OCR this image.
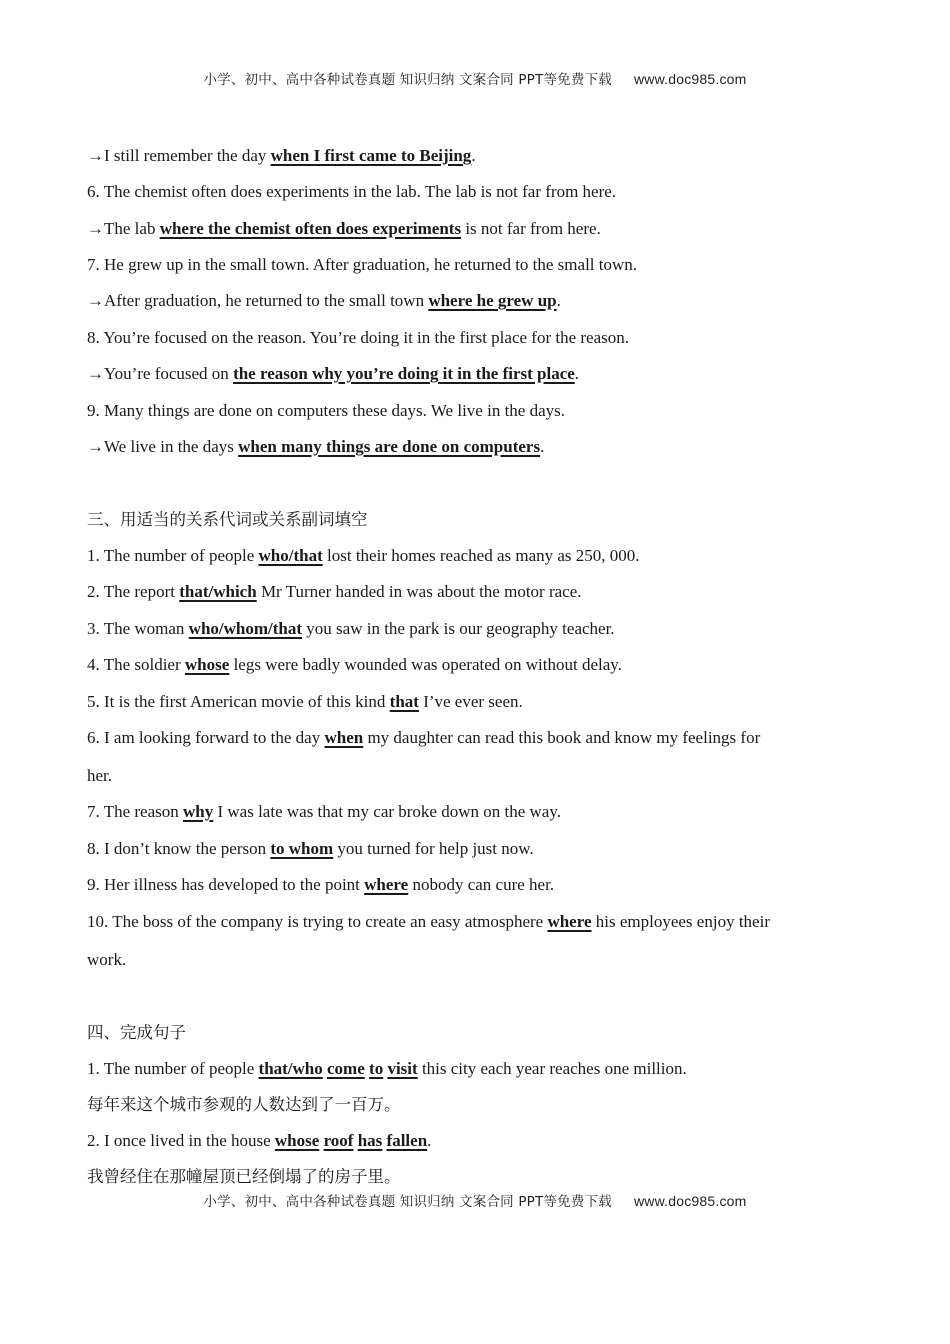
小学、初中、高中各种试卷真题 知识归纳 文案合同 PPT等免费下载 www.doc985.com
→I still remember the day when I first came to Beijing.
6. The chemist often does experiments in the lab. The lab is not far from here.
→The lab where the chemist often does experiments is not far from here.
7. He grew up in the small town. After graduation, he returned to the small town.
→After graduation, he returned to the small town where he grew up.
8. You’re focused on the reason. You’re doing it in the first place for the reason.
→You’re focused on the reason why you’re doing it in the first place.
9. Many things are done on computers these days. We live in the days.
→We live in the days when many things are done on computers.
三、用适当的关系代词或关系副词填空
1. The number of people who/that lost their homes reached as many as 250, 000.
2. The report that/which Mr Turner handed in was about the motor race.
3. The woman who/whom/that you saw in the park is our geography teacher.
4. The soldier whose legs were badly wounded was operated on without delay.
5. It is the first American movie of this kind that I’ve ever seen.
6. I am looking forward to the day when my daughter can read this book and know my feelings for
her.
7. The reason why I was late was that my car broke down on the way.
8. I don’t know the person to whom you turned for help just now.
9. Her illness has developed to the point where nobody can cure her.
10. The boss of the company is trying to create an easy atmosphere where his employees enjoy their
work.
四、完成句子
1. The number of people that/who come to visit this city each year reaches one million.
每年来这个城市参观的人数达到了一百万。
2. I once lived in the house whose roof has fallen.
我曾经住在那幢屋顶已经倒塌了的房子里。
小学、初中、高中各种试卷真题 知识归纳 文案合同 PPT等免费下载 www.doc985.com
